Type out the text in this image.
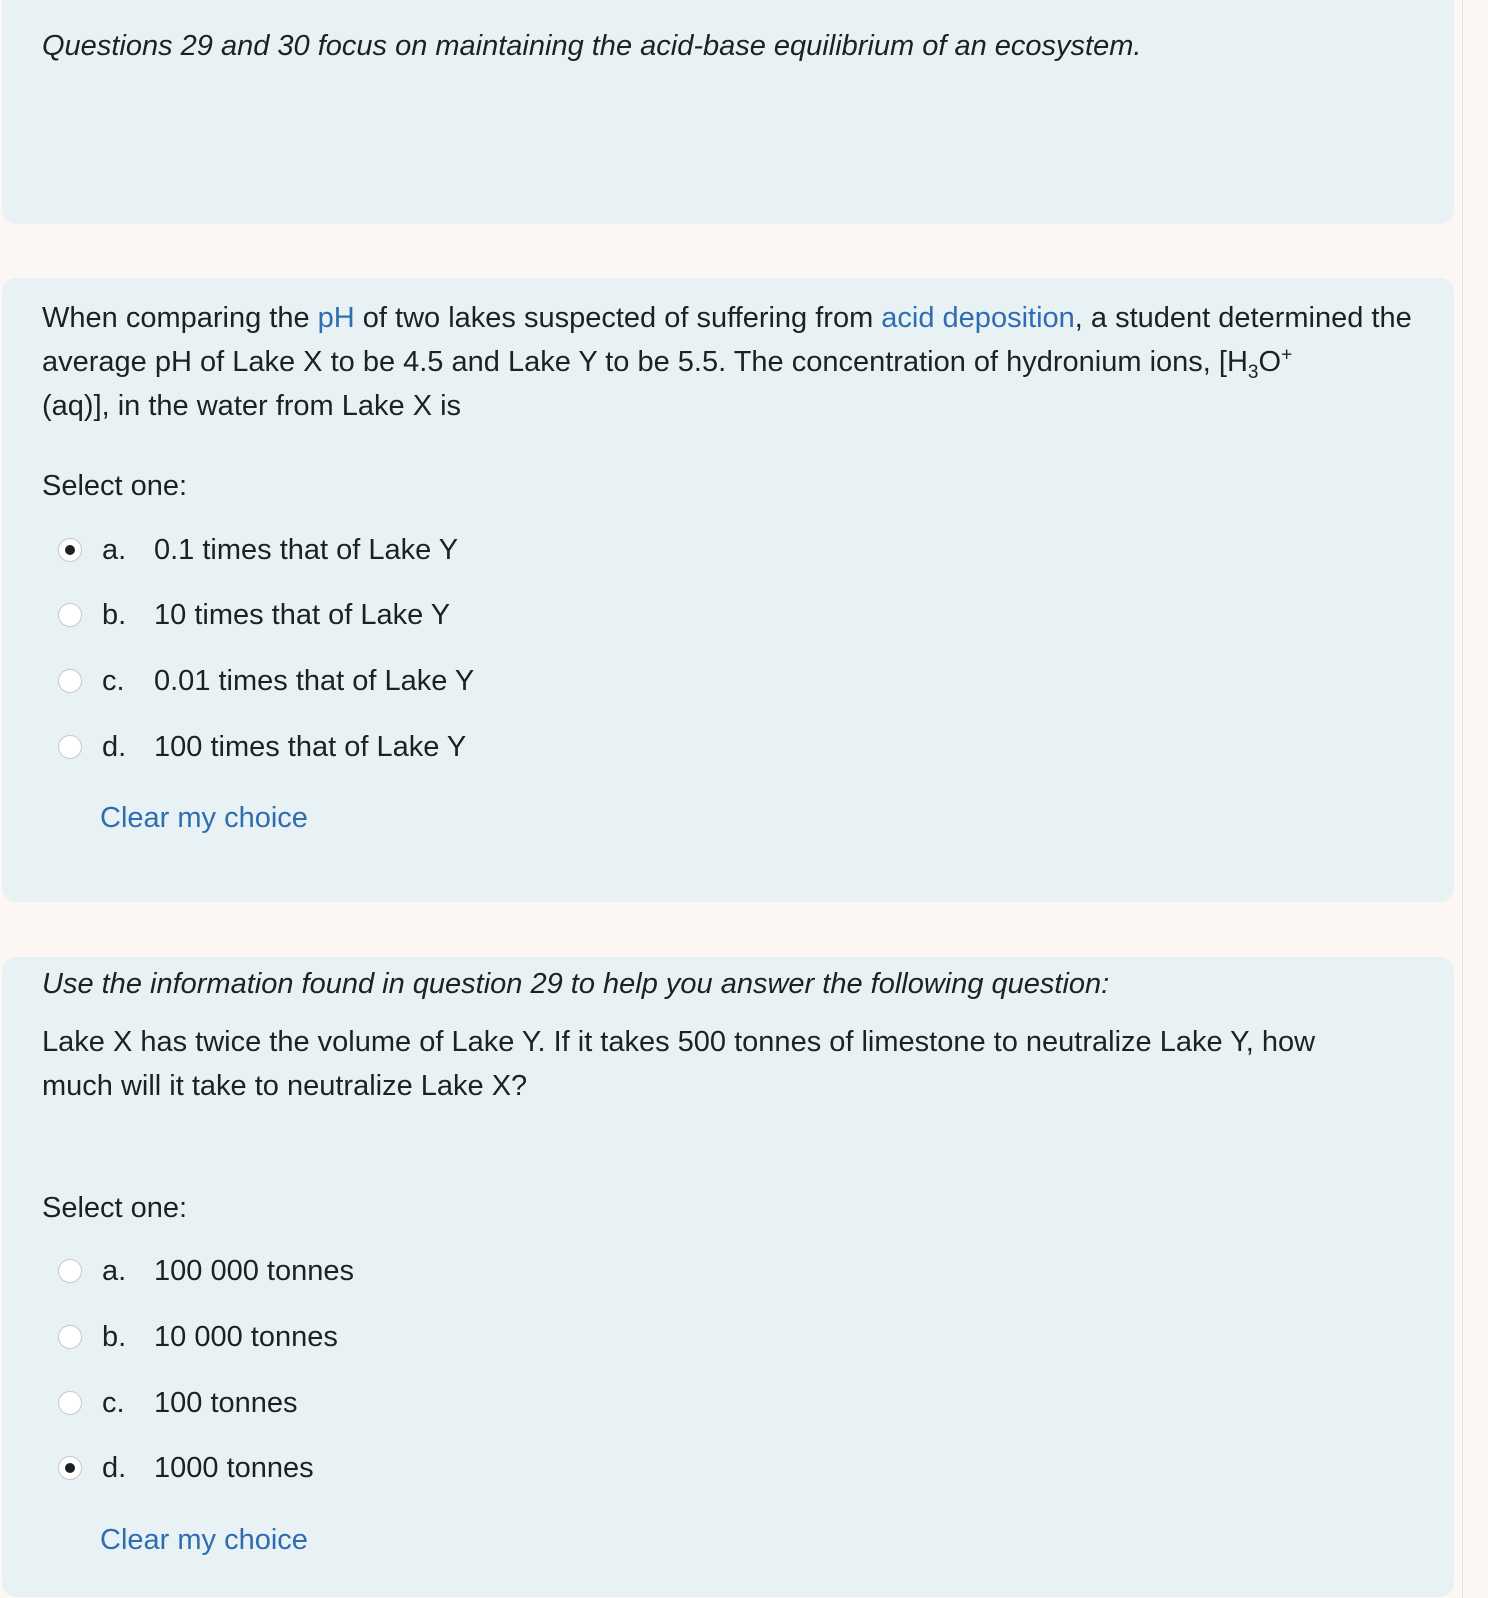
Questions 29 and 30 focus on maintaining the acid-base equilibrium of an ecosystem.

When comparing the pH of two lakes suspected of suffering from acid deposition, a student determined the average pH of Lake X to be 4.5 and Lake Y to be 5.5. The concentration of hydronium ions, [$H_3O^+$
(aq)], in the water from Lake X is

Select one:

a. 0.1 times that of Lake Y
b. 10 times that of Lake Y
c.	0.01 times that of Lake Y
d. 100 times that of Lake Y

Clear my choice

Use the information found in question 29 to help you answer the following question:

Lake X has twice the volume of Lake Y. If it takes 500 tonnes of limestone to neutralize Lake Y, how much will it take to neutralize Lake X?

Select one:

a. 100 000 tonnes
b. 10 000 tonnes
c.	100 tonnes
d. 1000 tonnes

Clear my choice
